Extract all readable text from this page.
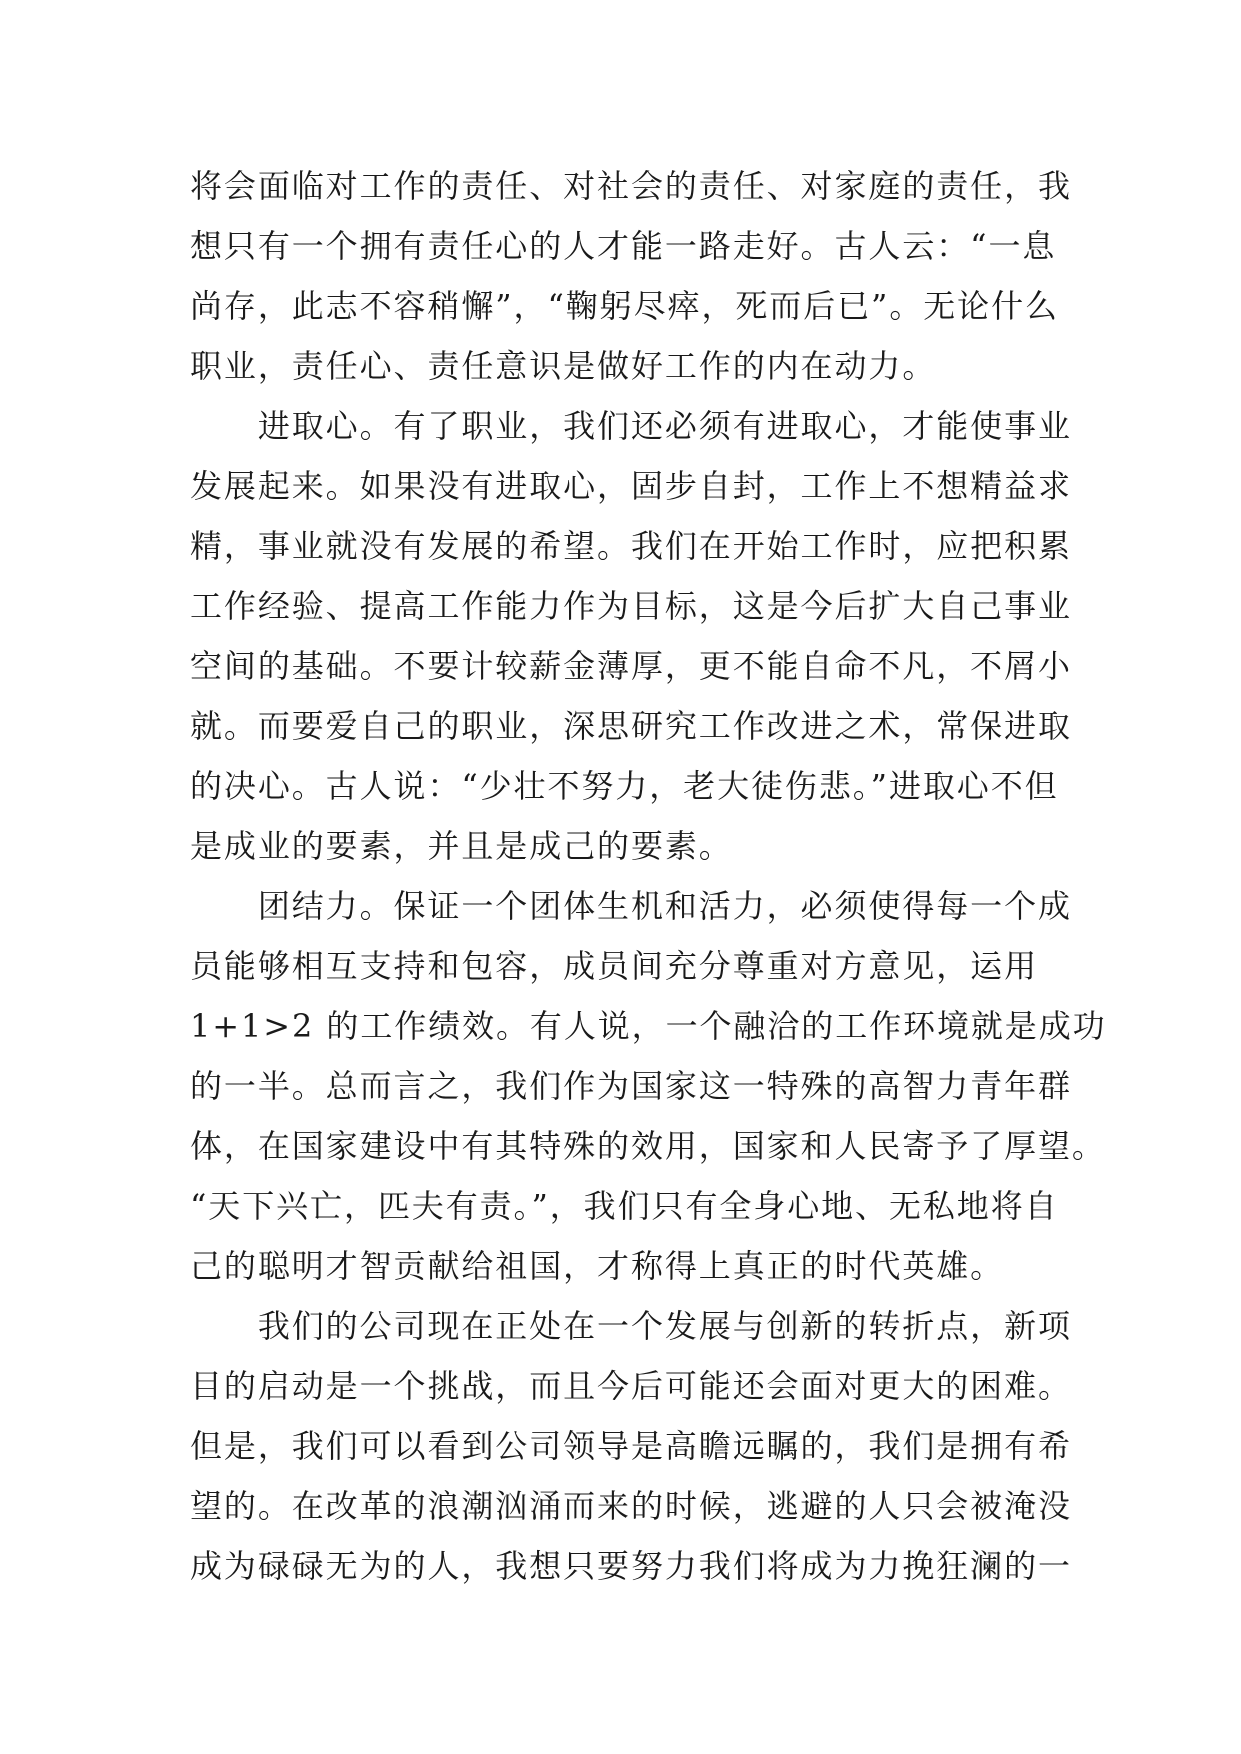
将会面临对工作的责任、对社会的责任、对家庭的责任，我
想只有一个拥有责任心的人才能一路走好。古人云：“一息
尚存，此志不容稍懈”，“鞠躬尽瘁，死而后已”。无论什么
职业，责任心、责任意识是做好工作的内在动力。
　　进取心。有了职业，我们还必须有进取心，才能使事业
发展起来。如果没有进取心，固步自封，工作上不想精益求
精，事业就没有发展的希望。我们在开始工作时，应把积累
工作经验、提高工作能力作为目标，这是今后扩大自己事业
空间的基础。不要计较薪金薄厚，更不能自命不凡，不屑小
就。而要爱自己的职业，深思研究工作改进之术，常保进取
的决心。古人说：“少壮不努力，老大徒伤悲。”进取心不但
是成业的要素，并且是成己的要素。
　　团结力。保证一个团体生机和活力，必须使得每一个成
员能够相互支持和包容，成员间充分尊重对方意见，运用
1+1>2 的工作绩效。有人说，一个融洽的工作环境就是成功
的一半。总而言之，我们作为国家这一特殊的高智力青年群
体，在国家建设中有其特殊的效用，国家和人民寄予了厚望。
“天下兴亡，匹夫有责。”，我们只有全身心地、无私地将自
己的聪明才智贡献给祖国，才称得上真正的时代英雄。
　　我们的公司现在正处在一个发展与创新的转折点，新项
目的启动是一个挑战，而且今后可能还会面对更大的困难。
但是，我们可以看到公司领导是高瞻远瞩的，我们是拥有希
望的。在改革的浪潮汹涌而来的时候，逃避的人只会被淹没
成为碌碌无为的人，我想只要努力我们将成为力挽狂澜的一
